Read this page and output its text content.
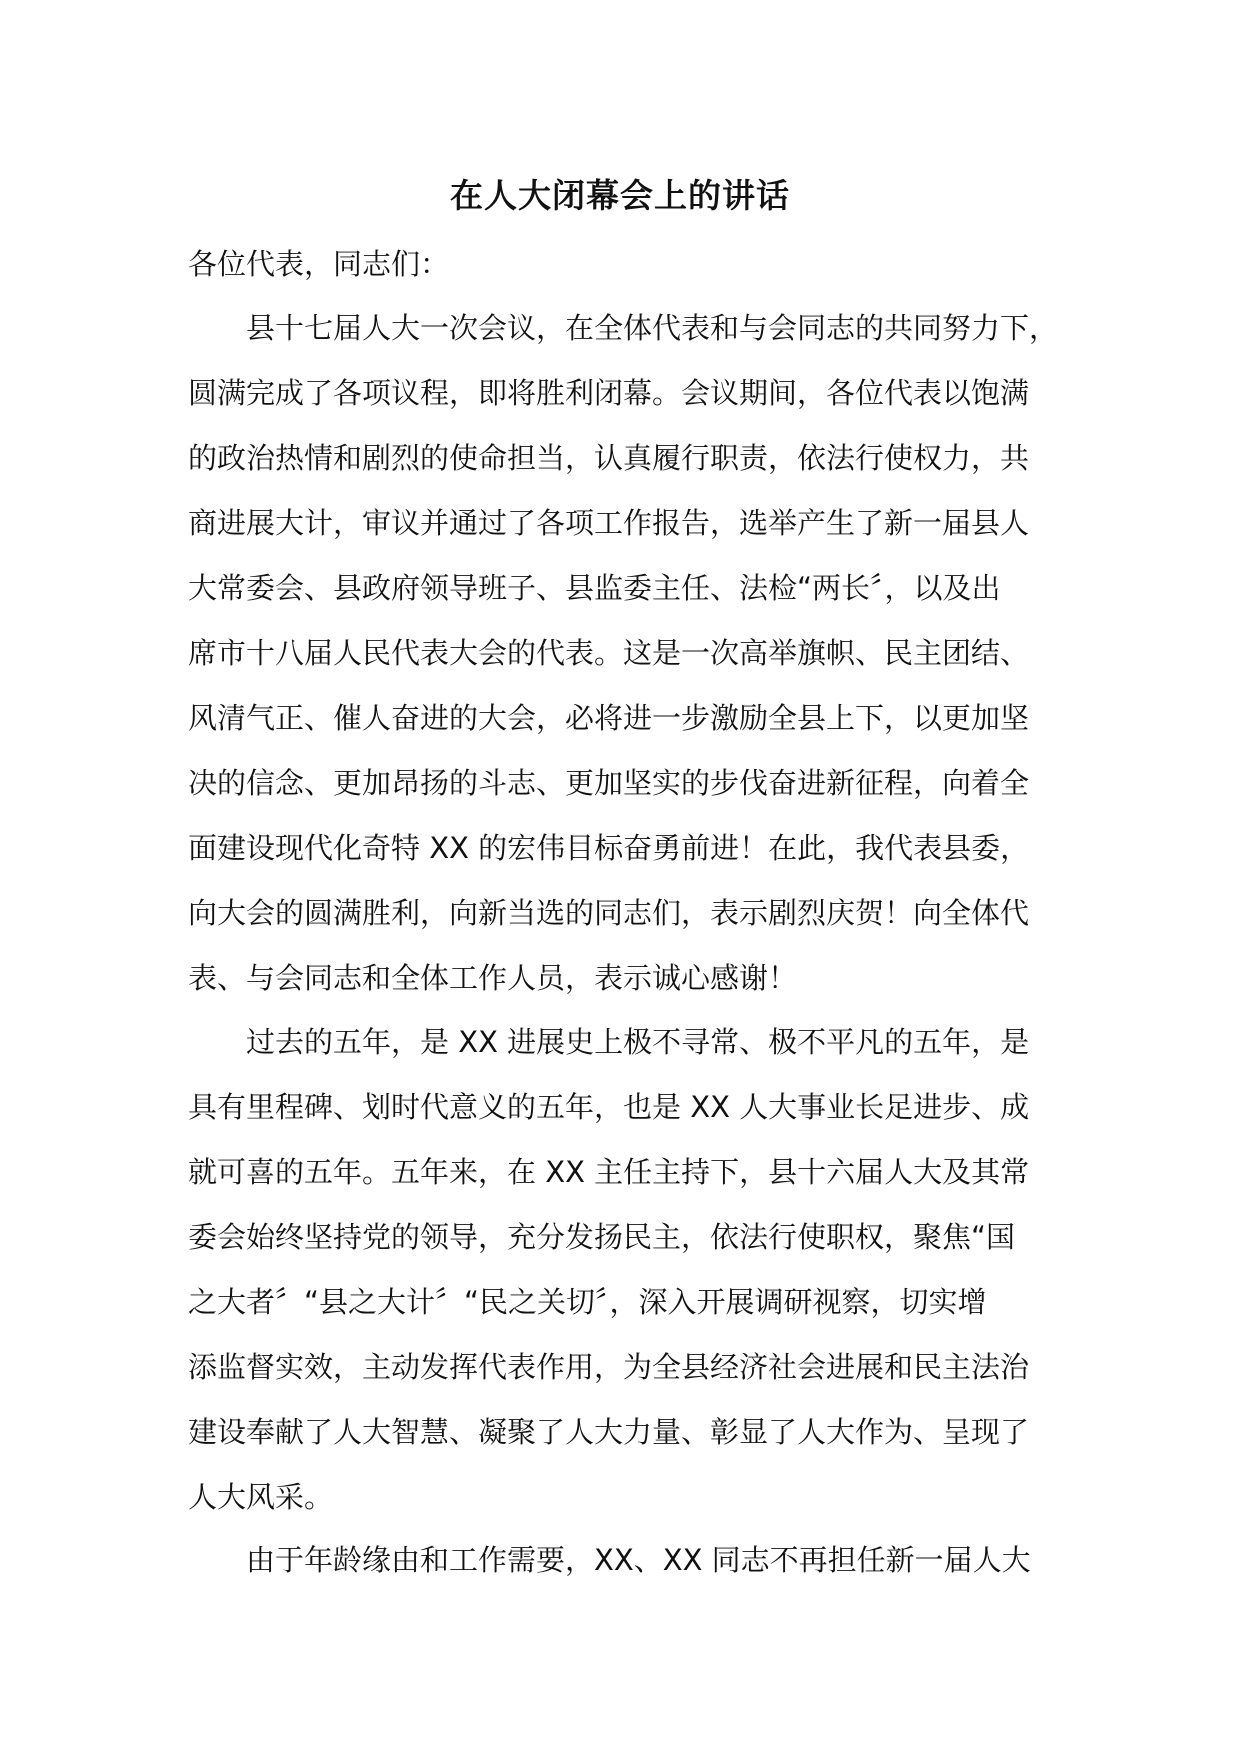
在人大闭幕会上的讲话
各位代表，同志们：
县十七届人大一次会议，在全体代表和与会同志的共同努力下，
圆满完成了各项议程，即将胜利闭幕。会议期间，各位代表以饱满
的政治热情和剧烈的使命担当，认真履行职责，依法行使权力，共
商进展大计，审议并通过了各项工作报告，选举产生了新一届县人
大常委会、县政府领导班子、县监委主任、法检“两长〞，以及出
席市十八届人民代表大会的代表。这是一次高举旗帜、民主团结、
风清气正、催人奋进的大会，必将进一步激励全县上下，以更加坚
决的信念、更加昂扬的斗志、更加坚实的步伐奋进新征程，向着全
面建设现代化奇特 XX 的宏伟目标奋勇前进！在此，我代表县委，
向大会的圆满胜利，向新当选的同志们，表示剧烈庆贺！向全体代
表、与会同志和全体工作人员，表示诚心感谢！
过去的五年，是 XX 进展史上极不寻常、极不平凡的五年，是
具有里程碑、划时代意义的五年，也是 XX 人大事业长足进步、成
就可喜的五年。五年来，在 XX 主任主持下，县十六届人大及其常
委会始终坚持党的领导，充分发扬民主，依法行使职权，聚焦“国
之大者〞“县之大计〞“民之关切〞，深入开展调研视察，切实增
添监督实效，主动发挥代表作用，为全县经济社会进展和民主法治
建设奉献了人大智慧、凝聚了人大力量、彰显了人大作为、呈现了
人大风采。
由于年龄缘由和工作需要，XX、XX 同志不再担任新一届人大
